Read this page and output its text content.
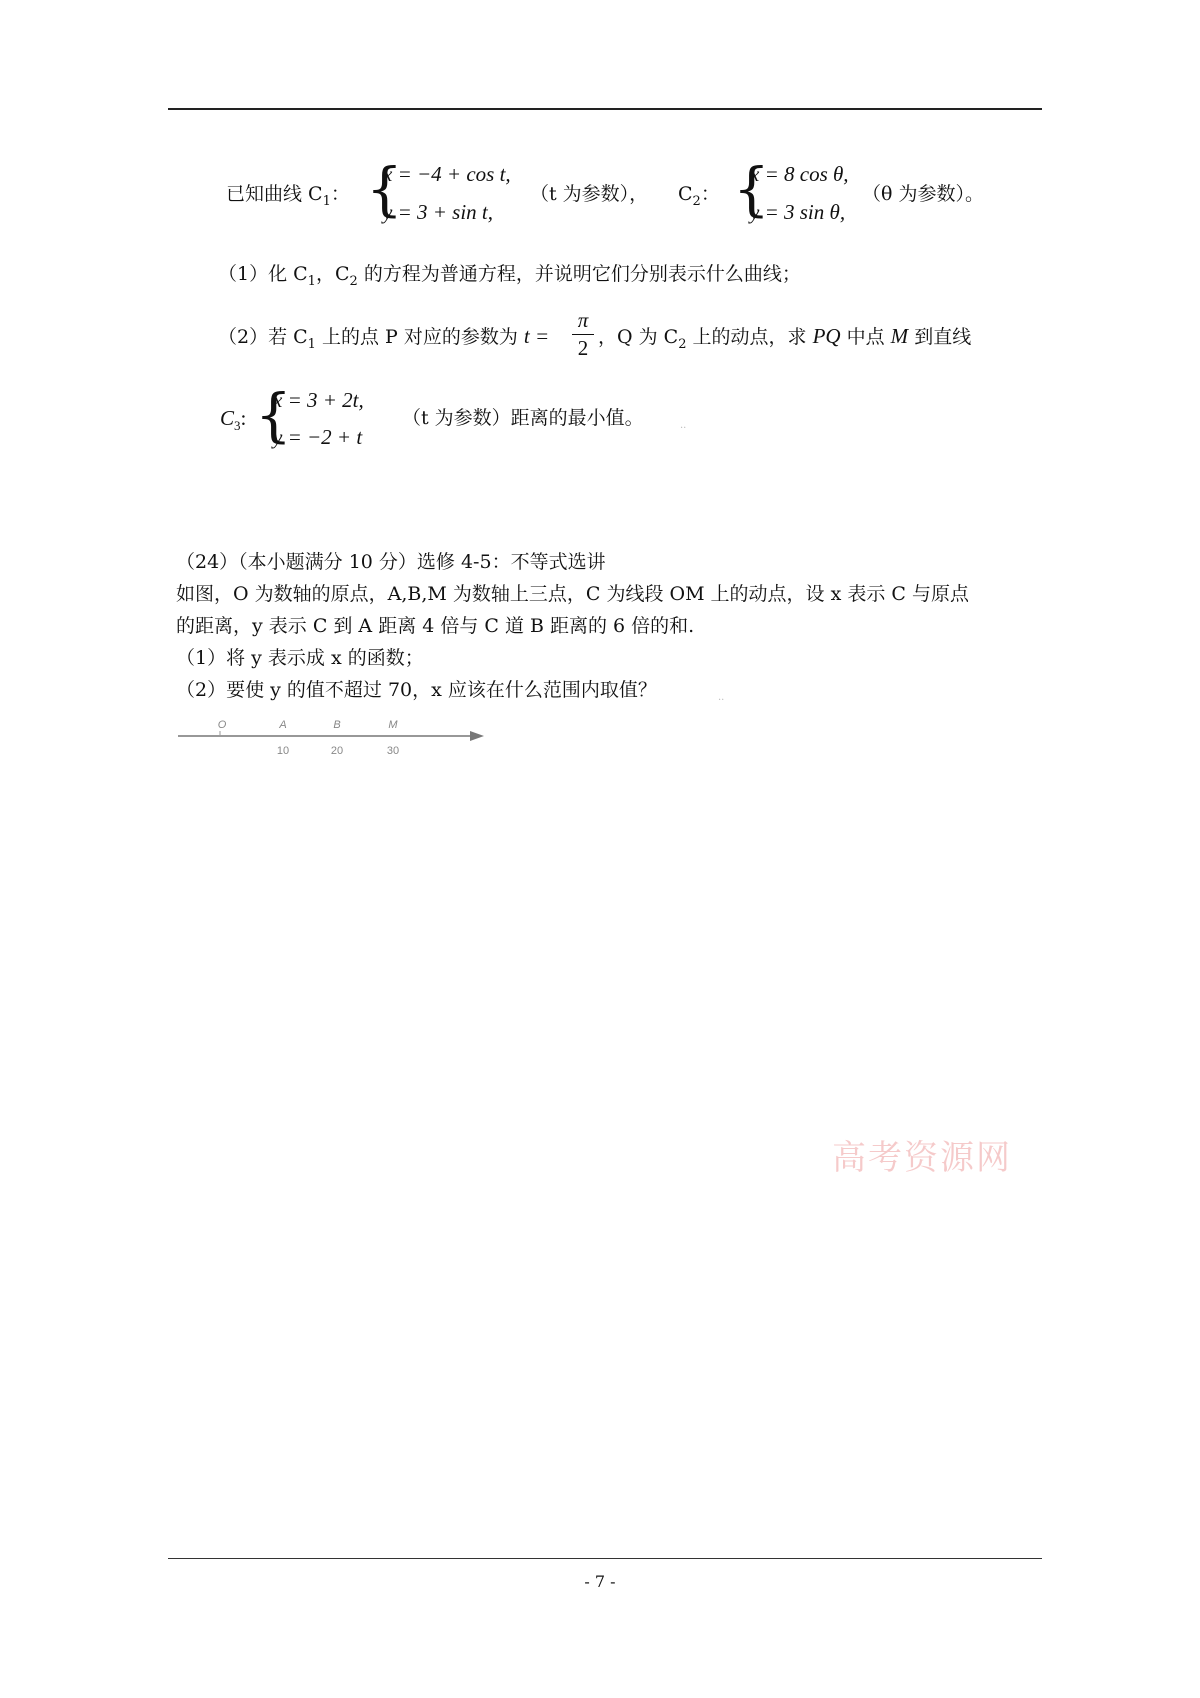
已知曲线 $C_1$： {
x = −4 + cos t,
y = 3 + sin t,
（t 为参数）， $C_2$： {
x = 8 cos θ,
y = 3 sin θ,
（θ 为参数）。
（1）化 $C_1$，$C_2$ 的方程为普通方程，并说明它们分别表示什么曲线；
（2）若 $C_1$ 上的点 P 对应的参数为 t =
π
2 ，Q 为 $C_2$ 上的动点，求 PQ 中点 M 到直线
$C_3$: {
x = 3 + 2t,
y = −2 + t
（t 为参数）距离的最小值。	..
（24）（本小题满分 10 分）选修 4-5：不等式选讲
如图，O 为数轴的原点，A,B,M 为数轴上三点，C 为线段 OM 上的动点，设 x 表示 C 与原点
的距离，y 表示 C 到 A 距离 4 倍与 C 道 B 距离的 6 倍的和.
（1）将 y 表示成 x 的函数；
（2）要使 y 的值不超过 70，x 应该在什么范围内取值？	..
O	A	B	M
10	20	30
高考资源网
- 7 -
